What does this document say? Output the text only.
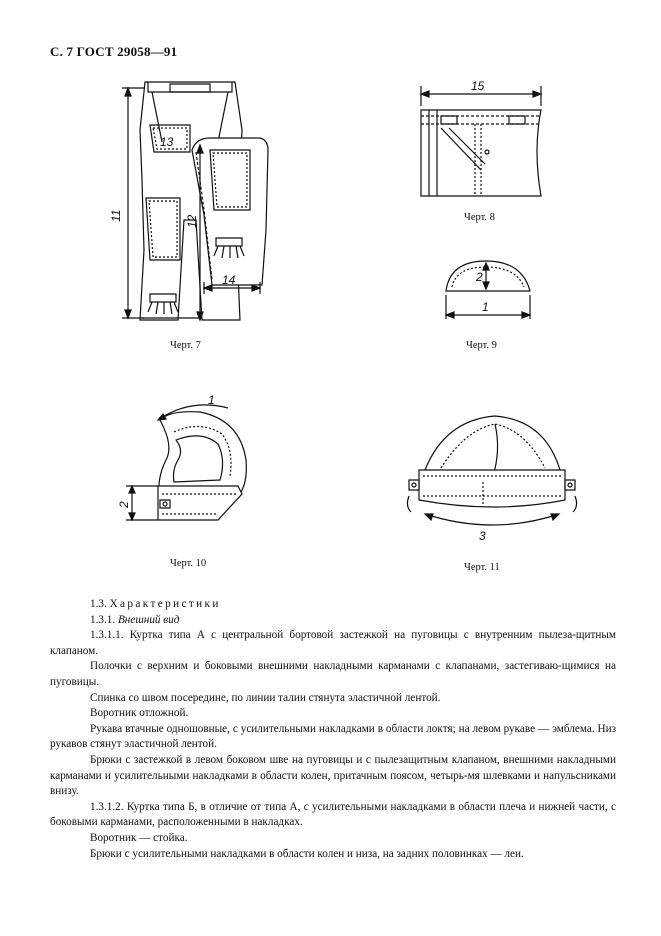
С. 7 ГОСТ 29058—91
11
13
12
14
Черт. 7
15
Черт. 8
2
1
Черт. 9
1
2
Черт. 10
3
Черт. 11

1.3. Характеристики

1.3.1. Внешний вид

1.3.1.1. Куртка типа А с центральной бортовой застежкой на пуговицы с внутренним пылеза-щитным клапаном.

Полочки с верхним и боковыми внешними накладными карманами с клапанами, застегиваю-щимися на пуговицы.

Спинка со швом посередине, по линии талии стянута эластичной лентой.

Воротник отложной.

Рукава втачные одношовные, с усилительными накладками в области локтя; на левом рукаве — эмблема. Низ рукавов стянут эластичной лентой.

Брюки с застежкой в левом боковом шве на пуговицы и с пылезащитным клапаном, внешними накладными карманами и усилительными накладками в области колен, притачным поясом, четырь-мя шлевками и напульсниками внизу.

1.3.1.2. Куртка типа Б, в отличие от типа А, с усилительными накладками в области плеча и нижней части, с боковыми карманами, расположенными в накладках.

Воротник — стойка.

Брюки с усилительными накладками в области колен и низа, на задних половинках — леи.
